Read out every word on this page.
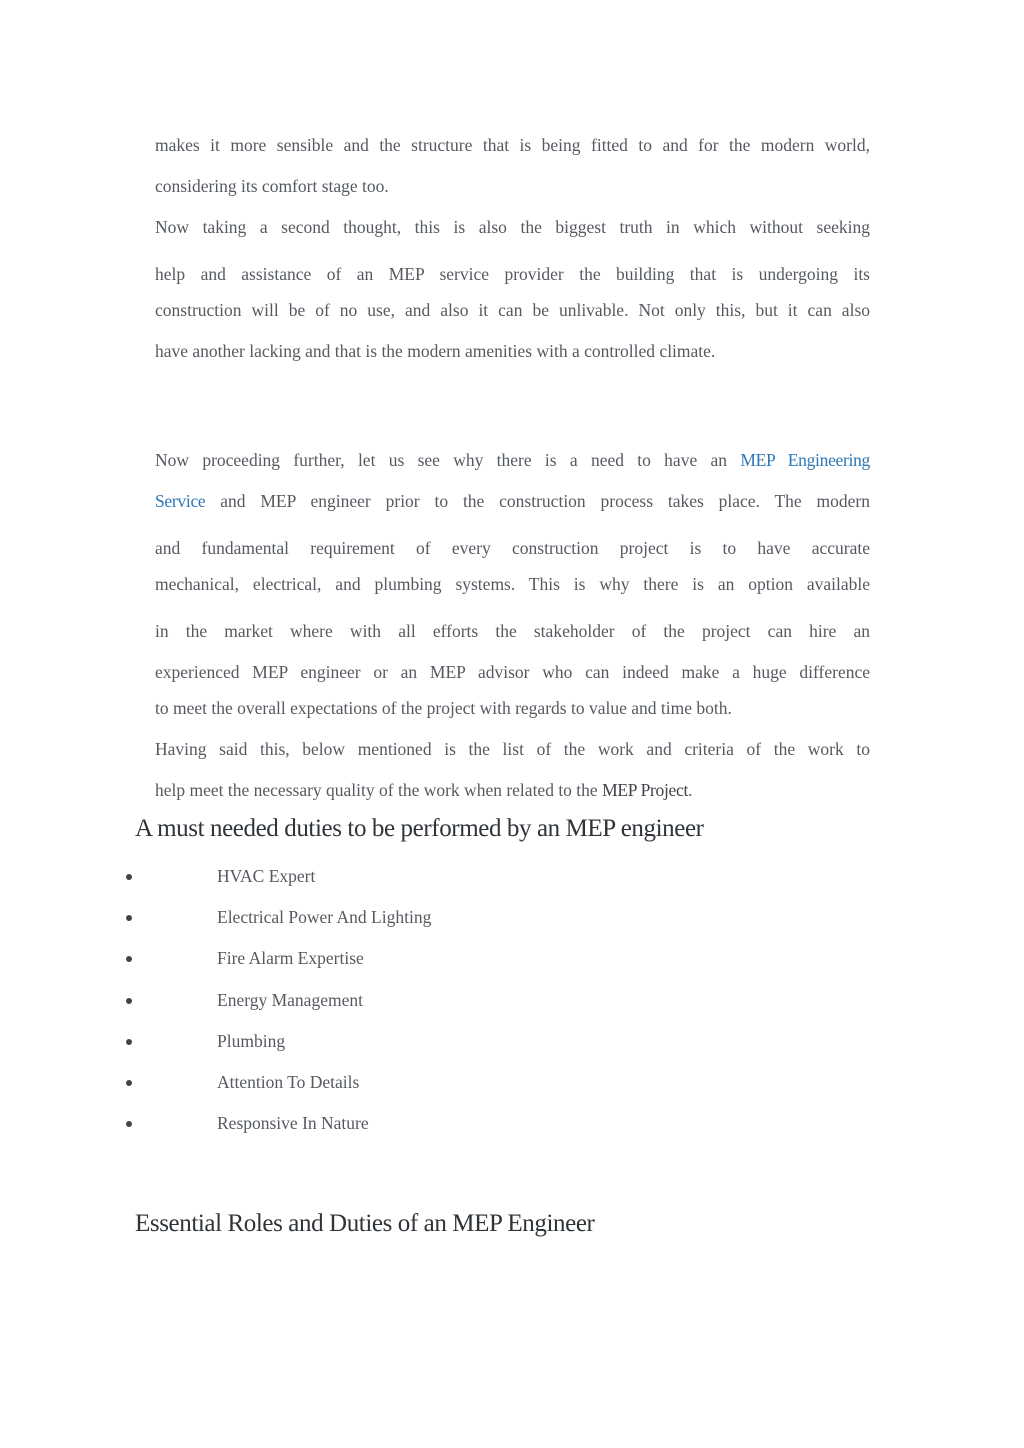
makes it more sensible and the structure that is being fitted to and for the modern world,
considering its comfort stage too.
Now taking a second thought, this is also the biggest truth in which without seeking
help and assistance of an MEP service provider the building that is undergoing its
construction will be of no use, and also it can be unlivable. Not only this, but it can also
have another lacking and that is the modern amenities with a controlled climate.
Now proceeding further, let us see why there is a need to have an MEP Engineering
Service and MEP engineer prior to the construction process takes place. The modern
and fundamental requirement of every construction project is to have accurate
mechanical, electrical, and plumbing systems. This is why there is an option available
in the market where with all efforts the stakeholder of the project can hire an
experienced MEP engineer or an MEP advisor who can indeed make a huge difference
to meet the overall expectations of the project with regards to value and time both.
Having said this, below mentioned is the list of the work and criteria of the work to
help meet the necessary quality of the work when related to the MEP Project.
A must needed duties to be performed by an MEP engineer
HVAC Expert
Electrical Power And Lighting
Fire Alarm Expertise
Energy Management
Plumbing
Attention To Details
Responsive In Nature
Essential Roles and Duties of an MEP Engineer
